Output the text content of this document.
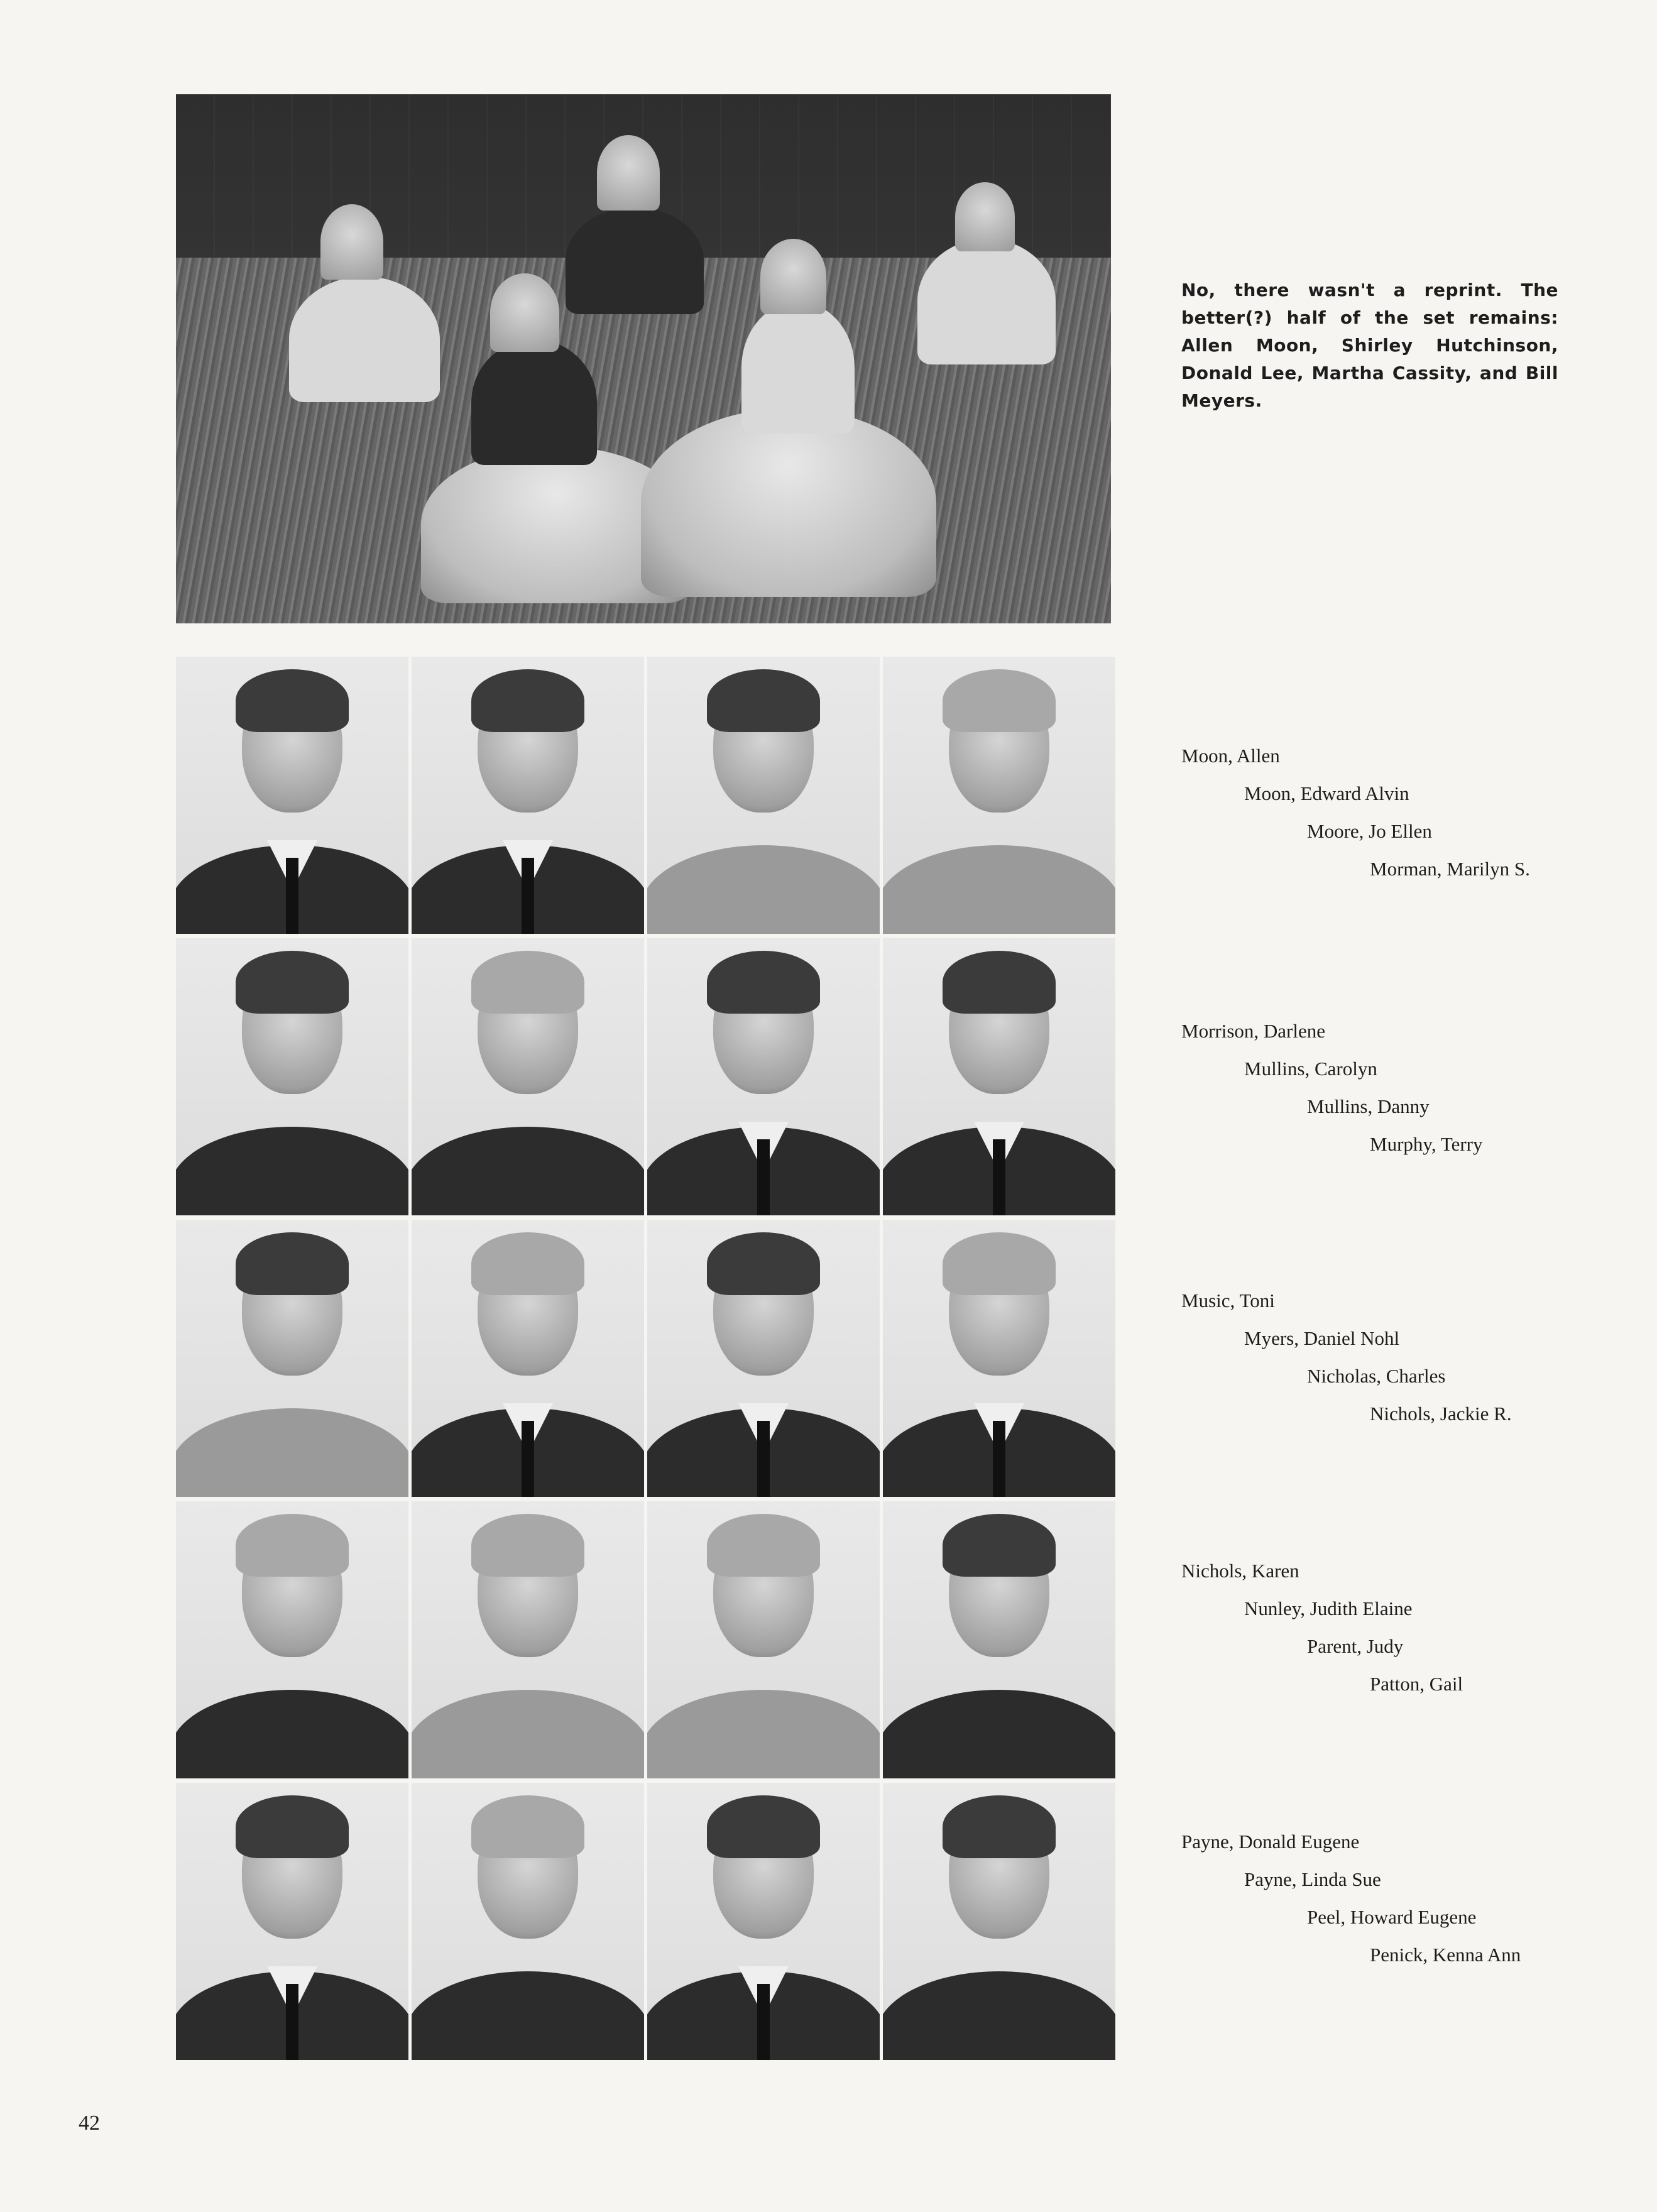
No, there wasn't a reprint. The better(?) half of the set remains: Allen Moon, Shirley Hutchinson, Donald Lee, Martha Cassity, and Bill Meyers.

Moon, Allen
Moon, Edward Alvin
Moore, Jo Ellen
Morman, Marilyn S.
Morrison, Darlene
Mullins, Carolyn
Mullins, Danny
Murphy, Terry
Music, Toni
Myers, Daniel Nohl
Nicholas, Charles
Nichols, Jackie R.
Nichols, Karen
Nunley, Judith Elaine
Parent, Judy
Patton, Gail
Payne, Donald Eugene
Payne, Linda Sue
Peel, Howard Eugene
Penick, Kenna Ann
42
